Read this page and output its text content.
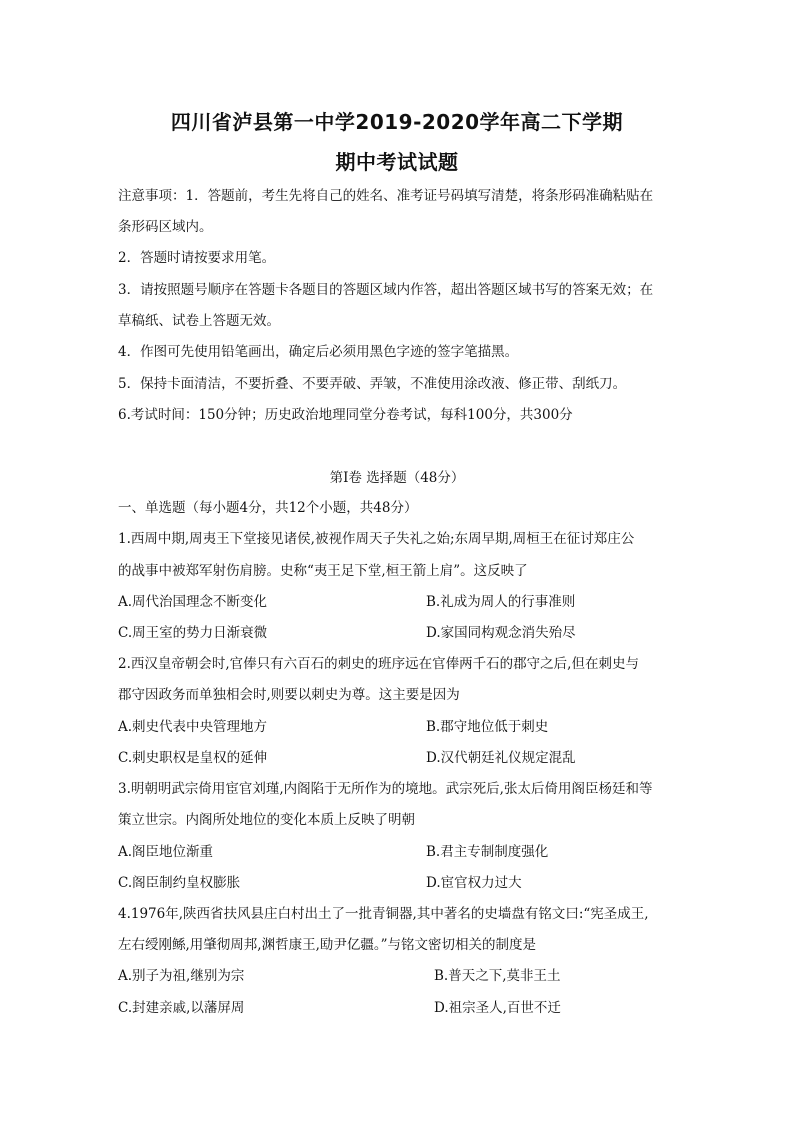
四川省泸县第一中学2019-2020学年高二下学期
期中考试试题
注意事项：1．答题前，考生先将自己的姓名、准考证号码填写清楚，将条形码准确粘贴在
条形码区域内。
2．答题时请按要求用笔。
3．请按照题号顺序在答题卡各题目的答题区域内作答，超出答题区域书写的答案无效；在
草稿纸、试卷上答题无效。
4．作图可先使用铅笔画出，确定后必须用黑色字迹的签字笔描黑。
5．保持卡面清洁，不要折叠、不要弄破、弄皱，不准使用涂改液、修正带、刮纸刀。
6.考试时间：150分钟；历史政治地理同堂分卷考试，每科100分，共300分
第Ⅰ卷 选择题（48分）
一、单选题（每小题4分，共12个小题，共48分）
1.西周中期,周夷王下堂接见诸侯,被视作周天子失礼之始;东周早期,周桓王在征讨郑庄公
的战事中被郑军射伤肩膀。史称“夷王足下堂,桓王箭上肩”。这反映了
A.周代治国理念不断变化	B.礼成为周人的行事准则
C.周王室的势力日渐衰微	D.家国同构观念消失殆尽
2.西汉皇帝朝会时,官俸只有六百石的刺史的班序远在官俸两千石的郡守之后,但在刺史与
郡守因政务而单独相会时,则要以刺史为尊。这主要是因为
A.刺史代表中央管理地方	B.郡守地位低于刺史
C.刺史职权是皇权的延伸	D.汉代朝廷礼仪规定混乱
3.明朝明武宗倚用宦官刘瑾,内阁陷于无所作为的境地。武宗死后,张太后倚用阁臣杨廷和等
策立世宗。内阁所处地位的变化本质上反映了明朝
A.阁臣地位渐重	B.君主专制制度强化
C.阁臣制约皇权膨胀	D.宦官权力过大
4.1976年,陕西省扶风县庄白村出土了一批青铜器,其中著名的史墙盘有铭文曰:“宪圣成王,
左右绶刚鲧,用肇彻周邦,渊哲康王,劻尹亿疆。”与铭文密切相关的制度是
A.别子为祖,继别为宗	B.普天之下,莫非王土
C.封建亲戚,以藩屏周	D.祖宗圣人,百世不迁
